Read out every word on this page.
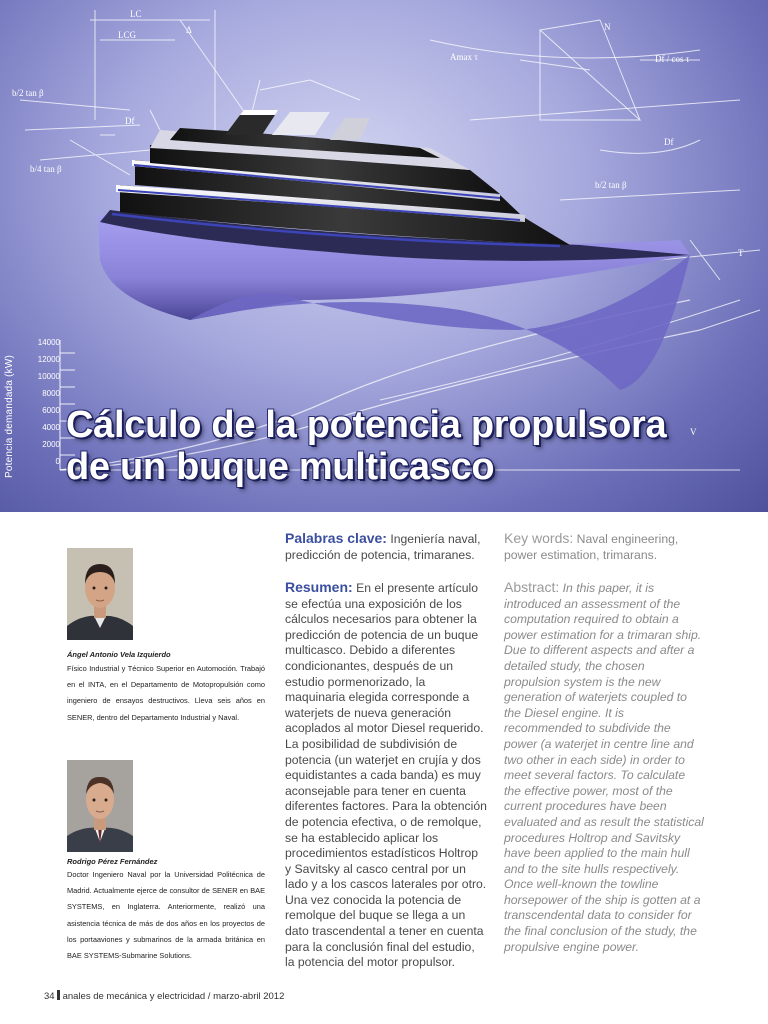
LC
LCG
b/2 tan β
b/4 tan β
Δ
Df
N
Df / cos τ
Df
b/2 tan β
T
V
Amax τ
Potencia demandada (kW)
14000
12000
10000
8000
6000
4000
2000
0
Cálculo de la potencia propulsora
de un buque multicasco
Ángel Antonio Vela Izquierdo
Físico Industrial y Técnico Superior en Automoción. Trabajó en el INTA, en el Departamento de Motopropulsión como ingeniero de ensayos destructivos. Lleva seis años en SENER, dentro del Departamento Industrial y Naval.
Rodrigo Pérez Fernández
Doctor Ingeniero Naval por la Universidad Politécnica de Madrid. Actualmente ejerce de consultor de SENER en BAE SYSTEMS, en Inglaterra. Anteriormente, realizó una asistencia técnica de más de dos años en los proyectos de los portaaviones y submarinos de la armada británica en BAE SYSTEMS-Submarine Solutions.
Palabras clave: Ingeniería naval, predicción de potencia, trimaranes.
Resumen: En el presente artículo se efectúa una exposición de los cálculos necesarios para obtener la predicción de potencia de un buque multicasco. Debido a diferentes condicionantes, después de un estudio pormenorizado, la maquinaria elegida corresponde a waterjets de nueva generación acoplados al motor Diesel requerido. La posibilidad de subdivisión de potencia (un waterjet en crujía y dos equidistantes a cada banda) es muy aconsejable para tener en cuenta diferentes factores. Para la obtención de potencia efectiva, o de remolque, se ha establecido aplicar los procedimientos estadísticos Holtrop y Savitsky al casco central por un lado y a los cascos laterales por otro. Una vez conocida la potencia de remolque del buque se llega a un dato trascendental a tener en cuenta para la conclusión final del estudio, la potencia del motor propulsor.
Key words: Naval engineering, power estimation, trimarans.
Abstract: In this paper, it is introduced an assessment of the computation required to obtain a power estimation for a trimaran ship. Due to different aspects and after a detailed study, the chosen propulsion system is the new generation of waterjets coupled to the Diesel engine. It is recommended to subdivide the power (a waterjet in centre line and two other in each side) in order to meet several factors. To calculate the effective power, most of the current procedures have been evaluated and as result the statistical procedures Holtrop and Savitsky have been applied to the main hull and to the site hulls respectively. Once well-known the towline horsepower of the ship is gotten at a transcendental data to consider for the final conclusion of the study, the propulsive engine power.
34 anales de mecánica y electricidad / marzo-abril 2012
